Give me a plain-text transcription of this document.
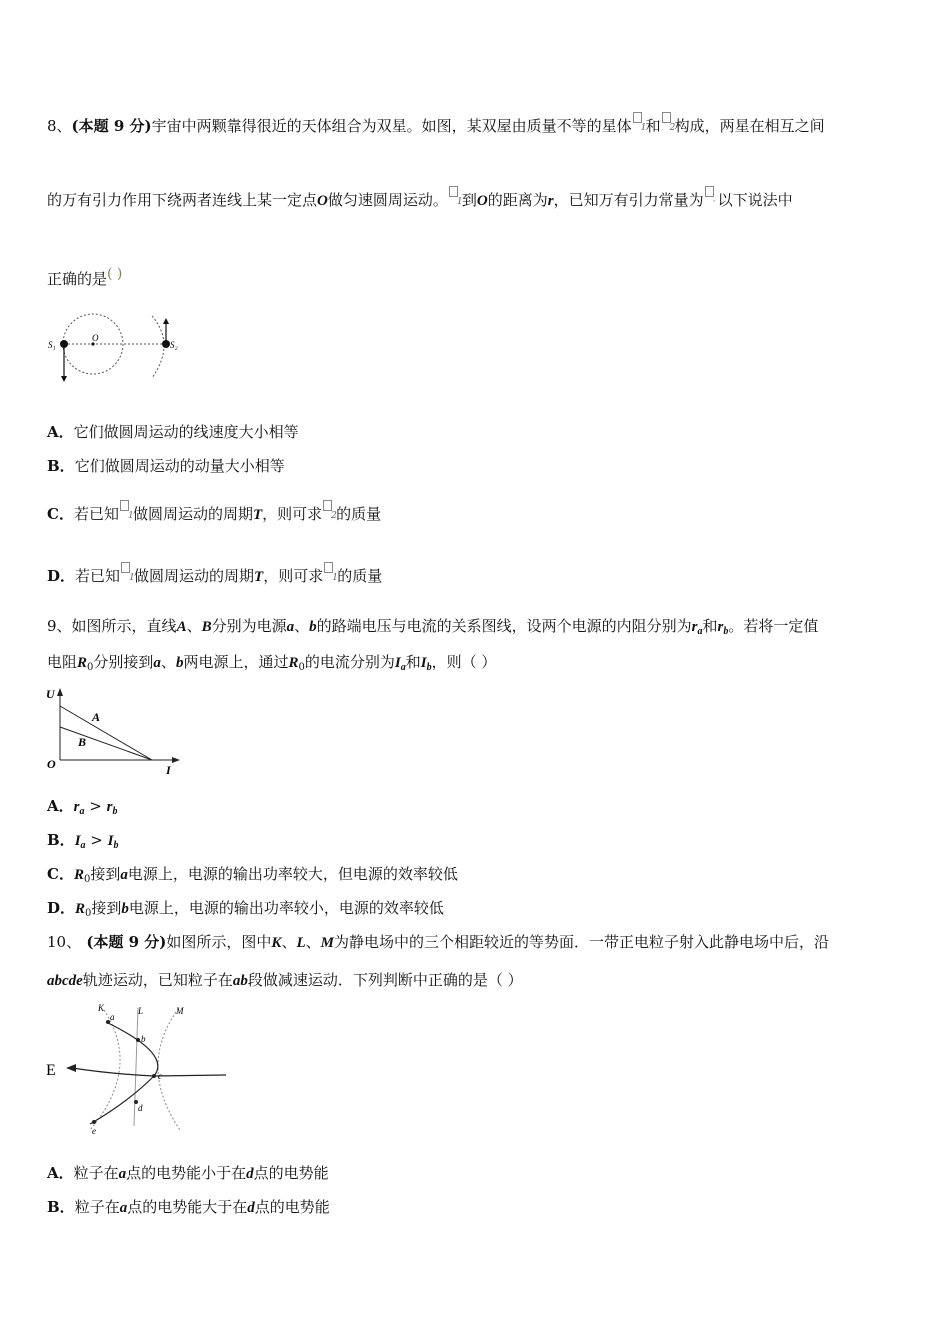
8、(本题 9 分)宇宙中两颗靠得很近的天体组合为双星。如图，某双屋由质量不等的星体 1 和 2 构成，两星在相互之间
的万有引力作用下绕两者连线上某一定点O做匀速圆周运动。 1 到O的距离为r，已知万有引力常量为 · 以下说法中
正确的是( )
S₁
O
S₂
A．它们做圆周运动的线速度大小相等
B．它们做圆周运动的动量大小相等
C．若已知 1 做圆周运动的周期T，则可求 2 的质量
D．若已知 1 做圆周运动的周期T，则可求 1 的质量
9、如图所示，直线A、B分别为电源a、b的路端电压与电流的关系图线，设两个电源的内阻分别为$r_a$和$r_b$。若将一定值
电阻$R_0$分别接到a、b两电源上，通过$R_0$的电流分别为$I_a$和$I_b$，则（ ）
U
A
B
O	I
A．$r_a > r_b$
B．$I_a > I_b$
C．$R_0$接到a电源上，电源的输出功率较大，但电源的效率较低
D．$R_0$接到b电源上，电源的输出功率较小，电源的效率较低
10、 (本题 9 分)如图所示，图中K、L、M为静电场中的三个相距较近的等势面．一带正电粒子射入此静电场中后，沿
abcde轨迹运动，已知粒子在ab段做减速运动．下列判断中正确的是（ ）
K	L	M
a
b
c
d
e
E
A．粒子在a点的电势能小于在d点的电势能
B．粒子在a点的电势能大于在d点的电势能
